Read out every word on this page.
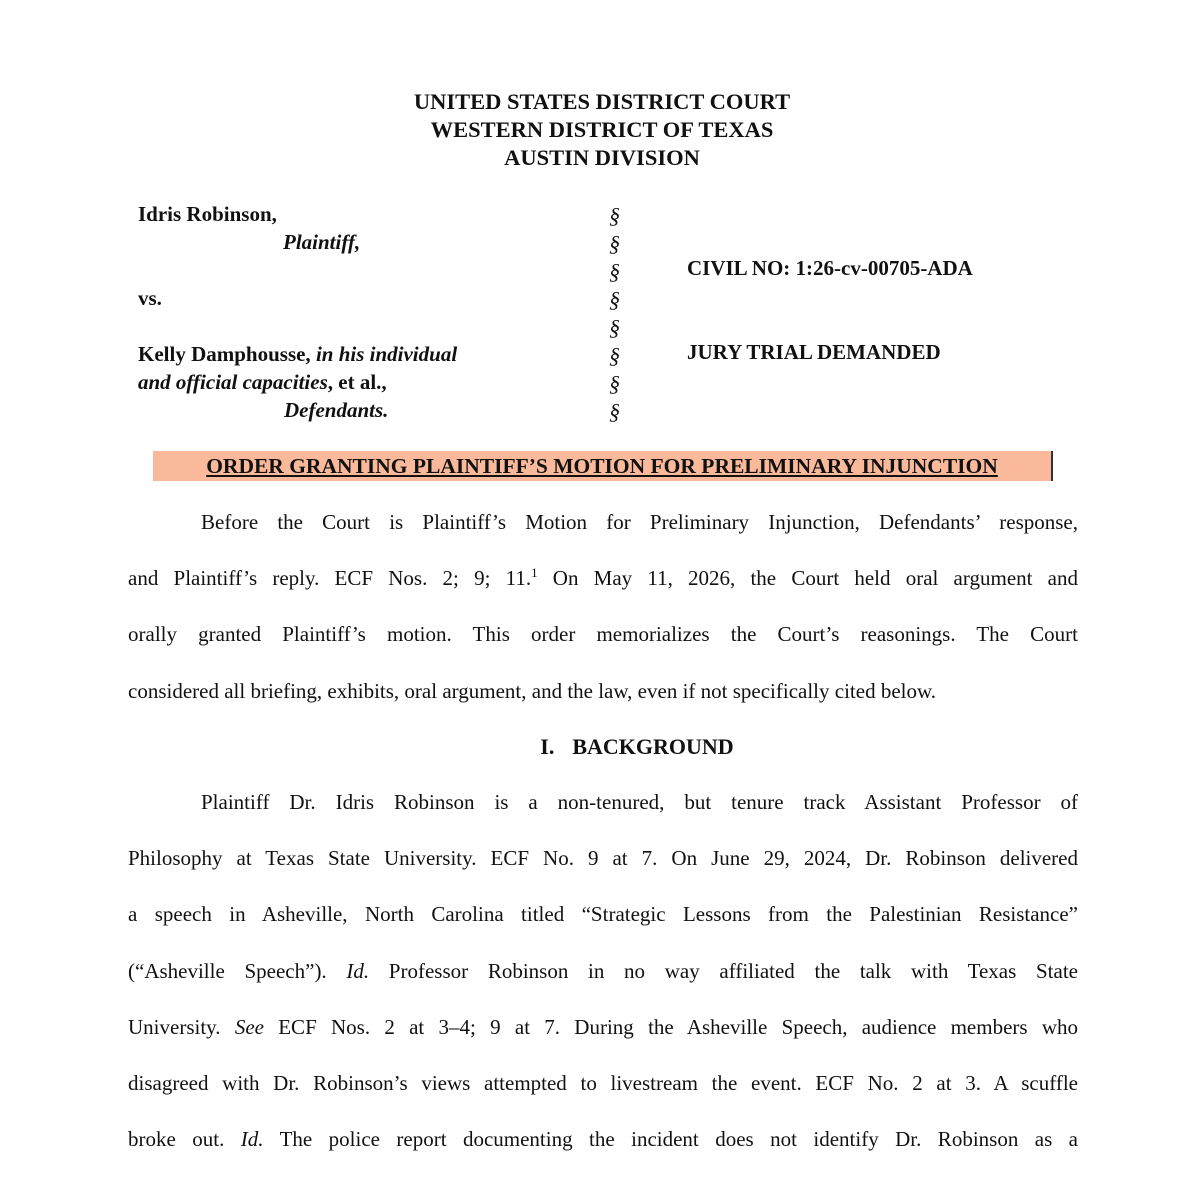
UNITED STATES DISTRICT COURT
WESTERN DISTRICT OF TEXAS
AUSTIN DIVISION
Idris Robinson,
Plaintiff,
vs.
Kelly Damphousse, in his individual
and official capacities, et al.,
Defendants.
§
§
§
§
§
§
§
§
CIVIL NO: 1:26-cv-00705-ADA
JURY TRIAL DEMANDED
ORDER GRANTING PLAINTIFF’S MOTION FOR PRELIMINARY INJUNCTION
Before the Court is Plaintiff’s Motion for Preliminary Injunction, Defendants’ response,
and Plaintiff’s reply. ECF Nos. 2; 9; 11.$^1$ On May 11, 2026, the Court held oral argument and
orally granted Plaintiff’s motion. This order memorializes the Court’s reasonings. The Court
considered all briefing, exhibits, oral argument, and the law, even if not specifically cited below.
I. BACKGROUND
Plaintiff Dr. Idris Robinson is a non-tenured, but tenure track Assistant Professor of
Philosophy at Texas State University. ECF No. 9 at 7. On June 29, 2024, Dr. Robinson delivered
a speech in Asheville, North Carolina titled “Strategic Lessons from the Palestinian Resistance”
(“Asheville Speech”). Id. Professor Robinson in no way affiliated the talk with Texas State
University. See ECF Nos. 2 at 3–4; 9 at 7. During the Asheville Speech, audience members who
disagreed with Dr. Robinson’s views attempted to livestream the event. ECF No. 2 at 3. A scuffle
broke out. Id. The police report documenting the incident does not identify Dr. Robinson as a
